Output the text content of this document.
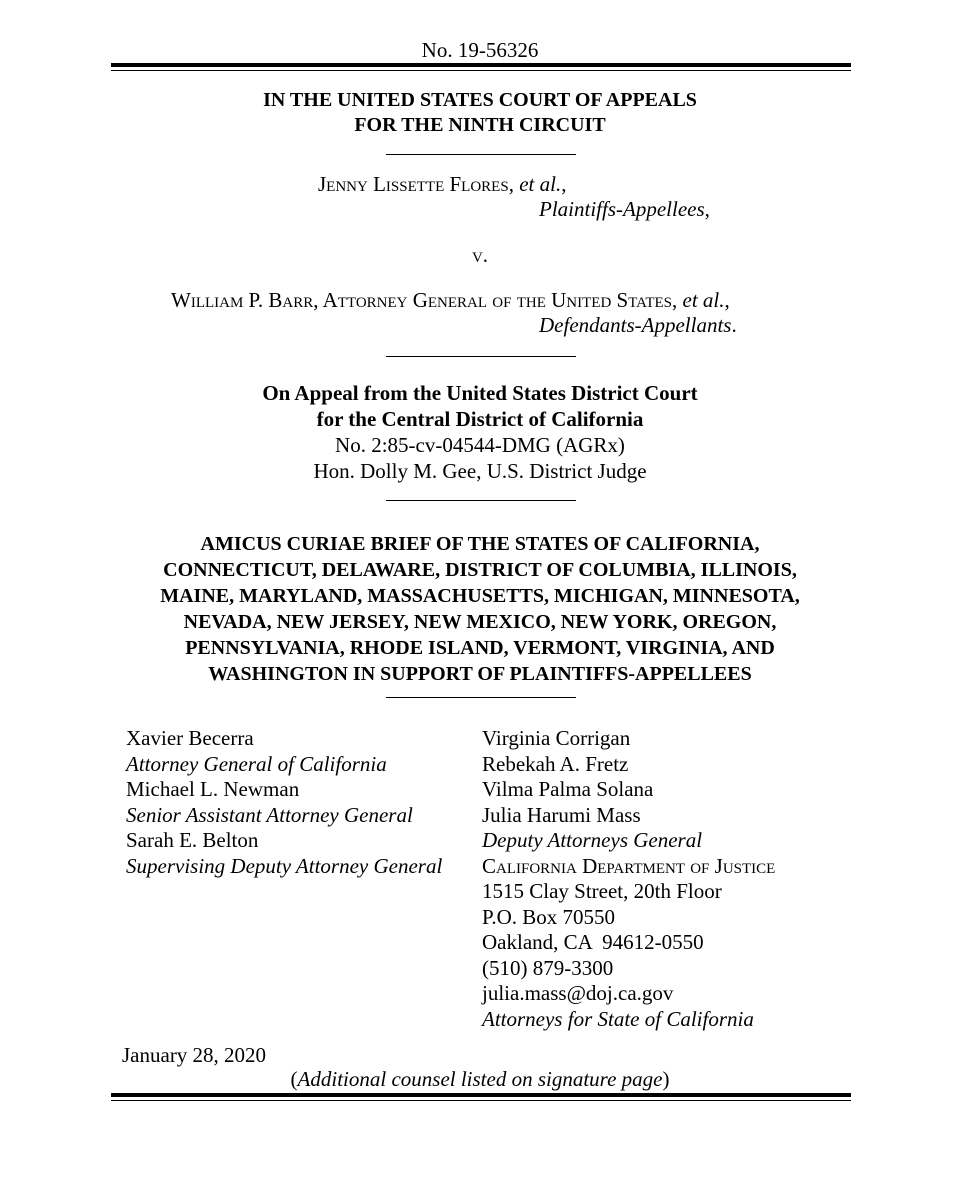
No. 19-56326
IN THE UNITED STATES COURT OF APPEALS
FOR THE NINTH CIRCUIT
Jenny Lissette Flores, et al.,
Plaintiffs-Appellees,
v.
William P. Barr, Attorney General of the United States, et al.,
Defendants-Appellants.
On Appeal from the United States District Court
for the Central District of California
No. 2:85-cv-04544-DMG (AGRx)
Hon. Dolly M. Gee, U.S. District Judge
AMICUS CURIAE BRIEF OF THE STATES OF CALIFORNIA,
CONNECTICUT, DELAWARE, DISTRICT OF COLUMBIA, ILLINOIS,
MAINE, MARYLAND, MASSACHUSETTS, MICHIGAN, MINNESOTA,
NEVADA, NEW JERSEY, NEW MEXICO, NEW YORK, OREGON,
PENNSYLVANIA, RHODE ISLAND, VERMONT, VIRGINIA, AND
WASHINGTON IN SUPPORT OF PLAINTIFFS-APPELLEES
Xavier Becerra
Attorney General of California
Michael L. Newman
Senior Assistant Attorney General
Sarah E. Belton
Supervising Deputy Attorney General
Virginia Corrigan
Rebekah A. Fretz
Vilma Palma Solana
Julia Harumi Mass
Deputy Attorneys General
California Department of Justice
1515 Clay Street, 20th Floor
P.O. Box 70550
Oakland, CA  94612-0550
(510) 879-3300
julia.mass@doj.ca.gov
Attorneys for State of California
January 28, 2020
(Additional counsel listed on signature page)
